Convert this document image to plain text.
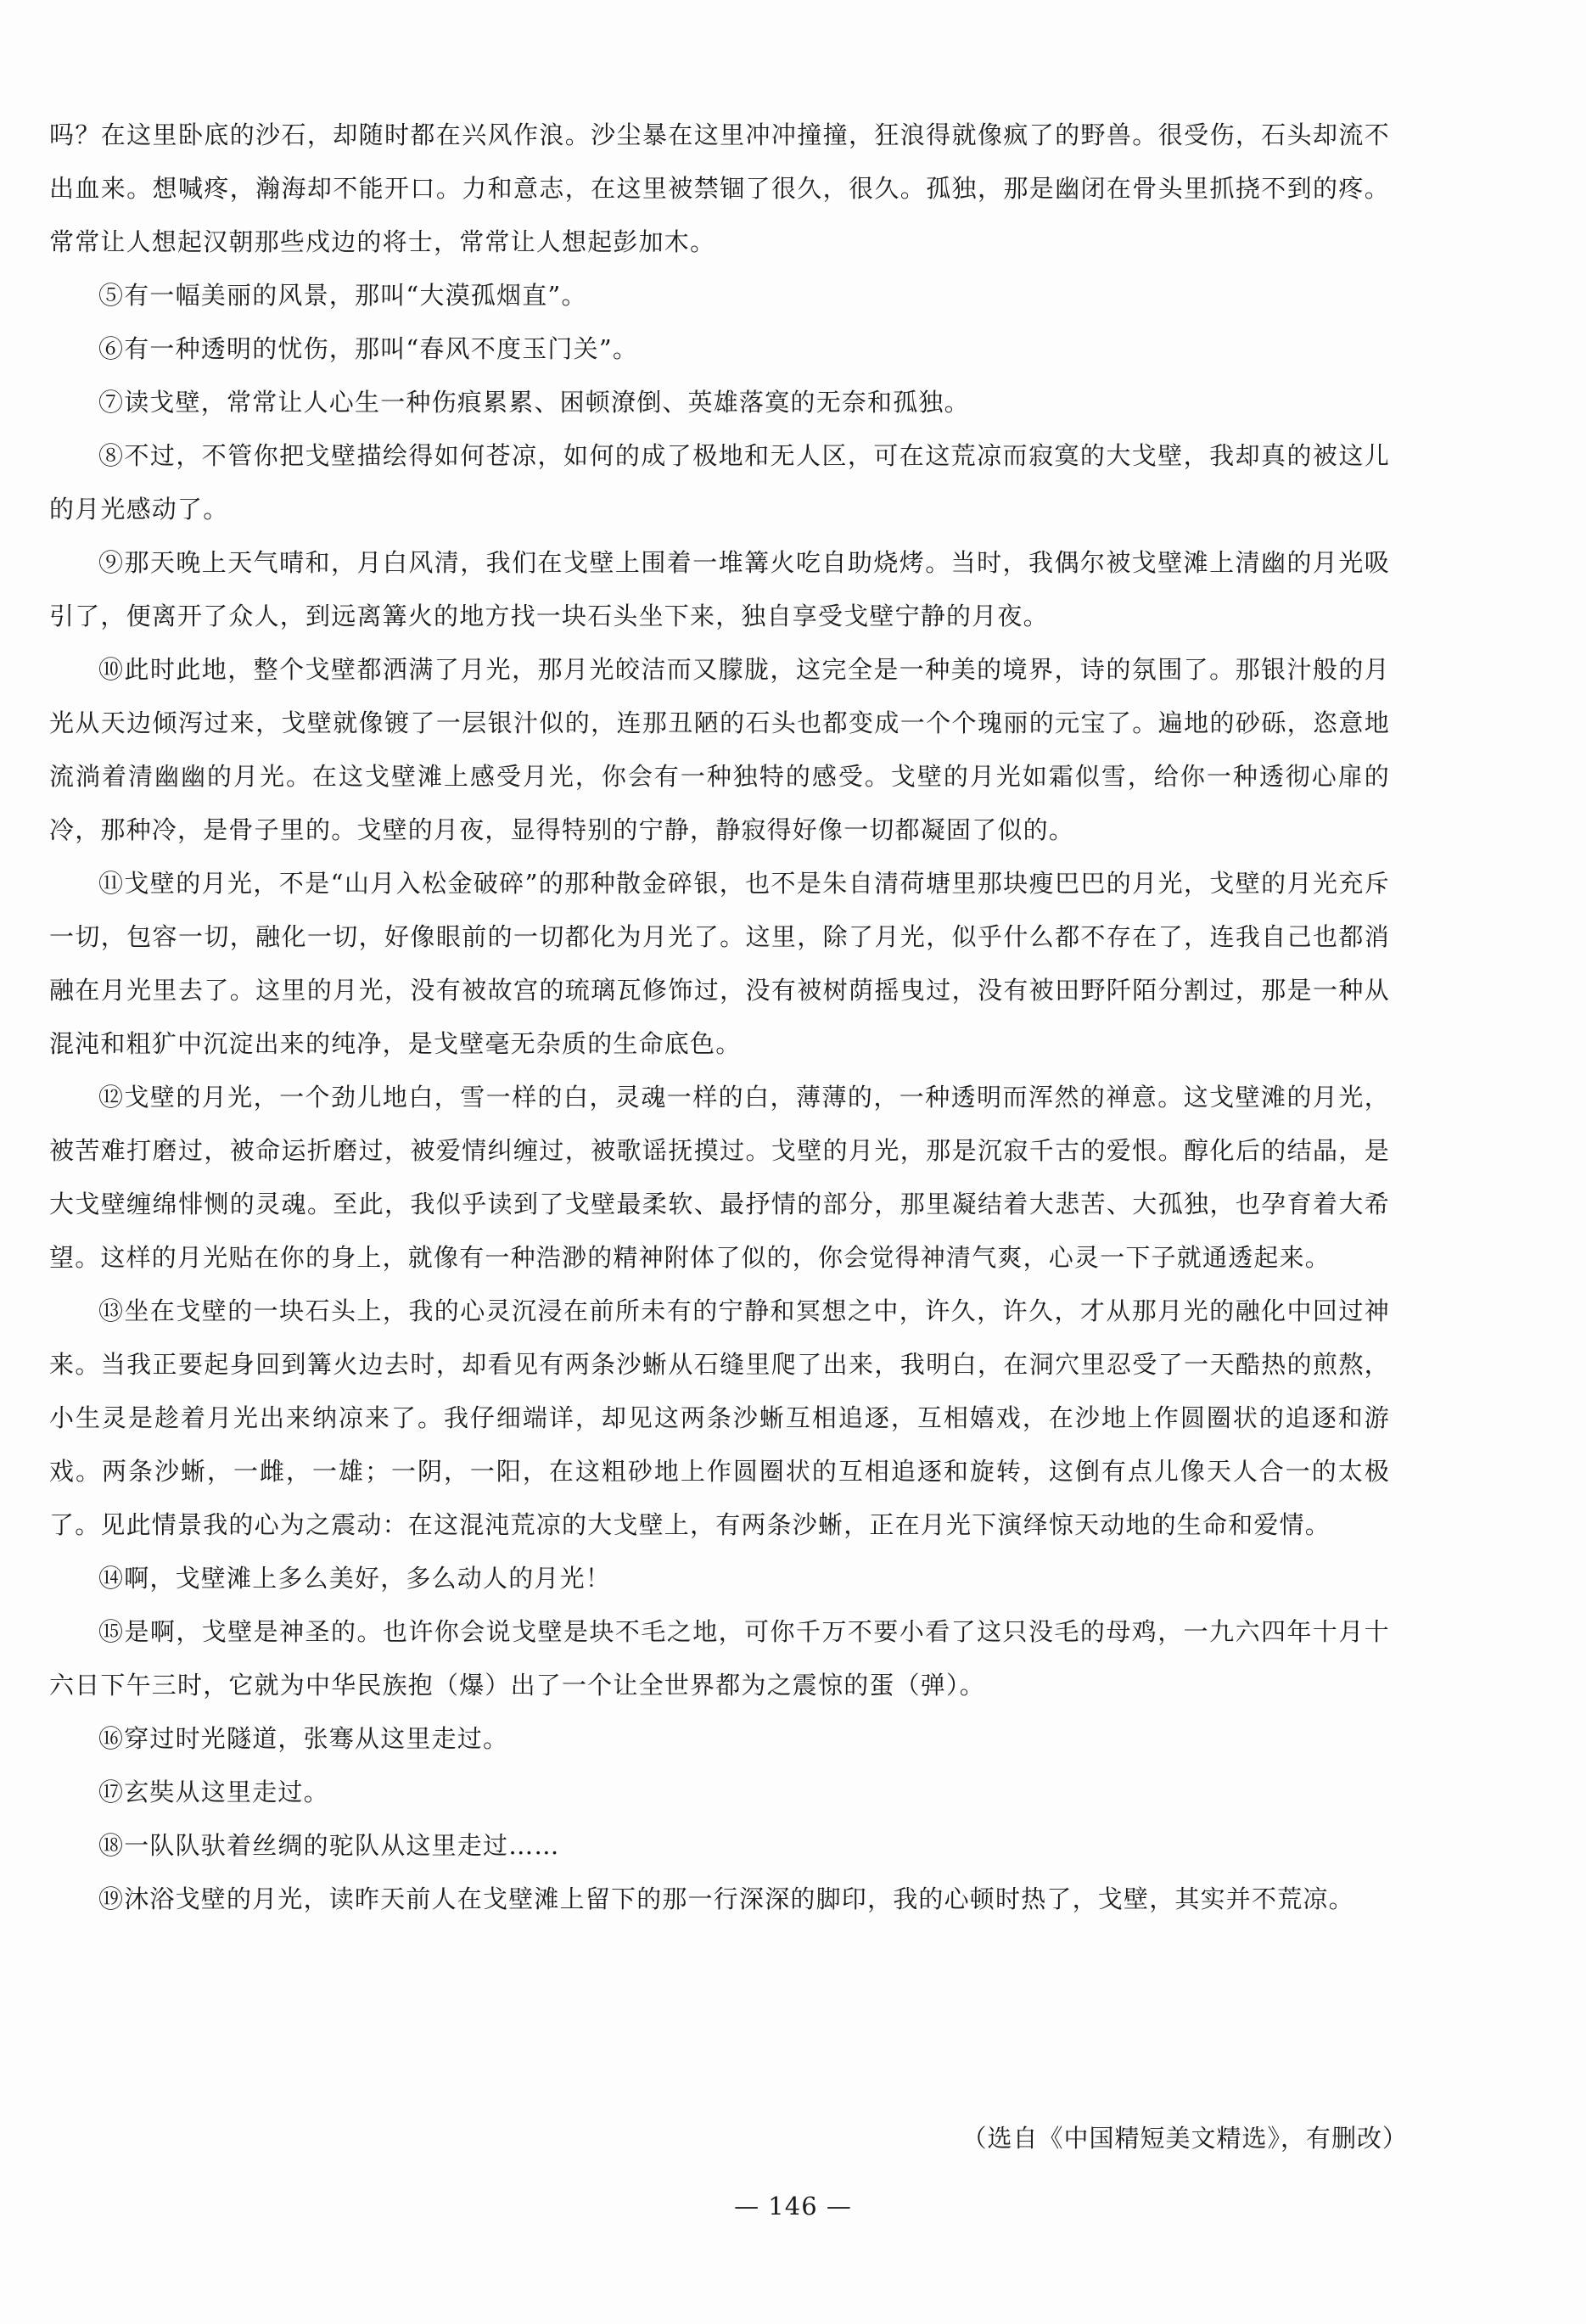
吗？在这里卧底的沙石，却随时都在兴风作浪。沙尘暴在这里冲冲撞撞，狂浪得就像疯了的野兽。很受伤，石头却流不出血来。想喊疼，瀚海却不能开口。力和意志，在这里被禁锢了很久，很久。孤独，那是幽闭在骨头里抓挠不到的疼。常常让人想起汉朝那些戍边的将士，常常让人想起彭加木。

⑤有一幅美丽的风景，那叫“大漠孤烟直”。

⑥有一种透明的忧伤，那叫“春风不度玉门关”。

⑦读戈壁，常常让人心生一种伤痕累累、困顿潦倒、英雄落寞的无奈和孤独。

⑧不过，不管你把戈壁描绘得如何苍凉，如何的成了极地和无人区，可在这荒凉而寂寞的大戈壁，我却真的被这儿的月光感动了。

⑨那天晚上天气晴和，月白风清，我们在戈壁上围着一堆篝火吃自助烧烤。当时，我偶尔被戈壁滩上清幽的月光吸引了，便离开了众人，到远离篝火的地方找一块石头坐下来，独自享受戈壁宁静的月夜。

⑩此时此地，整个戈壁都洒满了月光，那月光皎洁而又朦胧，这完全是一种美的境界，诗的氛围了。那银汁般的月光从天边倾泻过来，戈壁就像镀了一层银汁似的，连那丑陋的石头也都变成一个个瑰丽的元宝了。遍地的砂砾，恣意地流淌着清幽幽的月光。在这戈壁滩上感受月光，你会有一种独特的感受。戈壁的月光如霜似雪，给你一种透彻心扉的冷，那种冷，是骨子里的。戈壁的月夜，显得特别的宁静，静寂得好像一切都凝固了似的。

⑪戈壁的月光，不是“山月入松金破碎”的那种散金碎银，也不是朱自清荷塘里那块瘦巴巴的月光，戈壁的月光充斥一切，包容一切，融化一切，好像眼前的一切都化为月光了。这里，除了月光，似乎什么都不存在了，连我自己也都消融在月光里去了。这里的月光，没有被故宫的琉璃瓦修饰过，没有被树荫摇曳过，没有被田野阡陌分割过，那是一种从混沌和粗犷中沉淀出来的纯净，是戈壁毫无杂质的生命底色。

⑫戈壁的月光，一个劲儿地白，雪一样的白，灵魂一样的白，薄薄的，一种透明而浑然的禅意。这戈壁滩的月光，被苦难打磨过，被命运折磨过，被爱情纠缠过，被歌谣抚摸过。戈壁的月光，那是沉寂千古的爱恨。醇化后的结晶，是大戈壁缠绵悱恻的灵魂。至此，我似乎读到了戈壁最柔软、最抒情的部分，那里凝结着大悲苦、大孤独，也孕育着大希望。这样的月光贴在你的身上，就像有一种浩渺的精神附体了似的，你会觉得神清气爽，心灵一下子就通透起来。

⑬坐在戈壁的一块石头上，我的心灵沉浸在前所未有的宁静和冥想之中，许久，许久，才从那月光的融化中回过神来。当我正要起身回到篝火边去时，却看见有两条沙蜥从石缝里爬了出来，我明白，在洞穴里忍受了一天酷热的煎熬，小生灵是趁着月光出来纳凉来了。我仔细端详，却见这两条沙蜥互相追逐，互相嬉戏，在沙地上作圆圈状的追逐和游戏。两条沙蜥，一雌，一雄；一阴，一阳，在这粗砂地上作圆圈状的互相追逐和旋转，这倒有点儿像天人合一的太极了。见此情景我的心为之震动：在这混沌荒凉的大戈壁上，有两条沙蜥，正在月光下演绎惊天动地的生命和爱情。

⑭啊，戈壁滩上多么美好，多么动人的月光！

⑮是啊，戈壁是神圣的。也许你会说戈壁是块不毛之地，可你千万不要小看了这只没毛的母鸡，一九六四年十月十六日下午三时，它就为中华民族抱（爆）出了一个让全世界都为之震惊的蛋（弹）。

⑯穿过时光隧道，张骞从这里走过。

⑰玄奘从这里走过。

⑱一队队驮着丝绸的驼队从这里走过……

⑲沐浴戈壁的月光，读昨天前人在戈壁滩上留下的那一行深深的脚印，我的心顿时热了，戈壁，其实并不荒凉。

（选自《中国精短美文精选》，有删改）
— 146 —
